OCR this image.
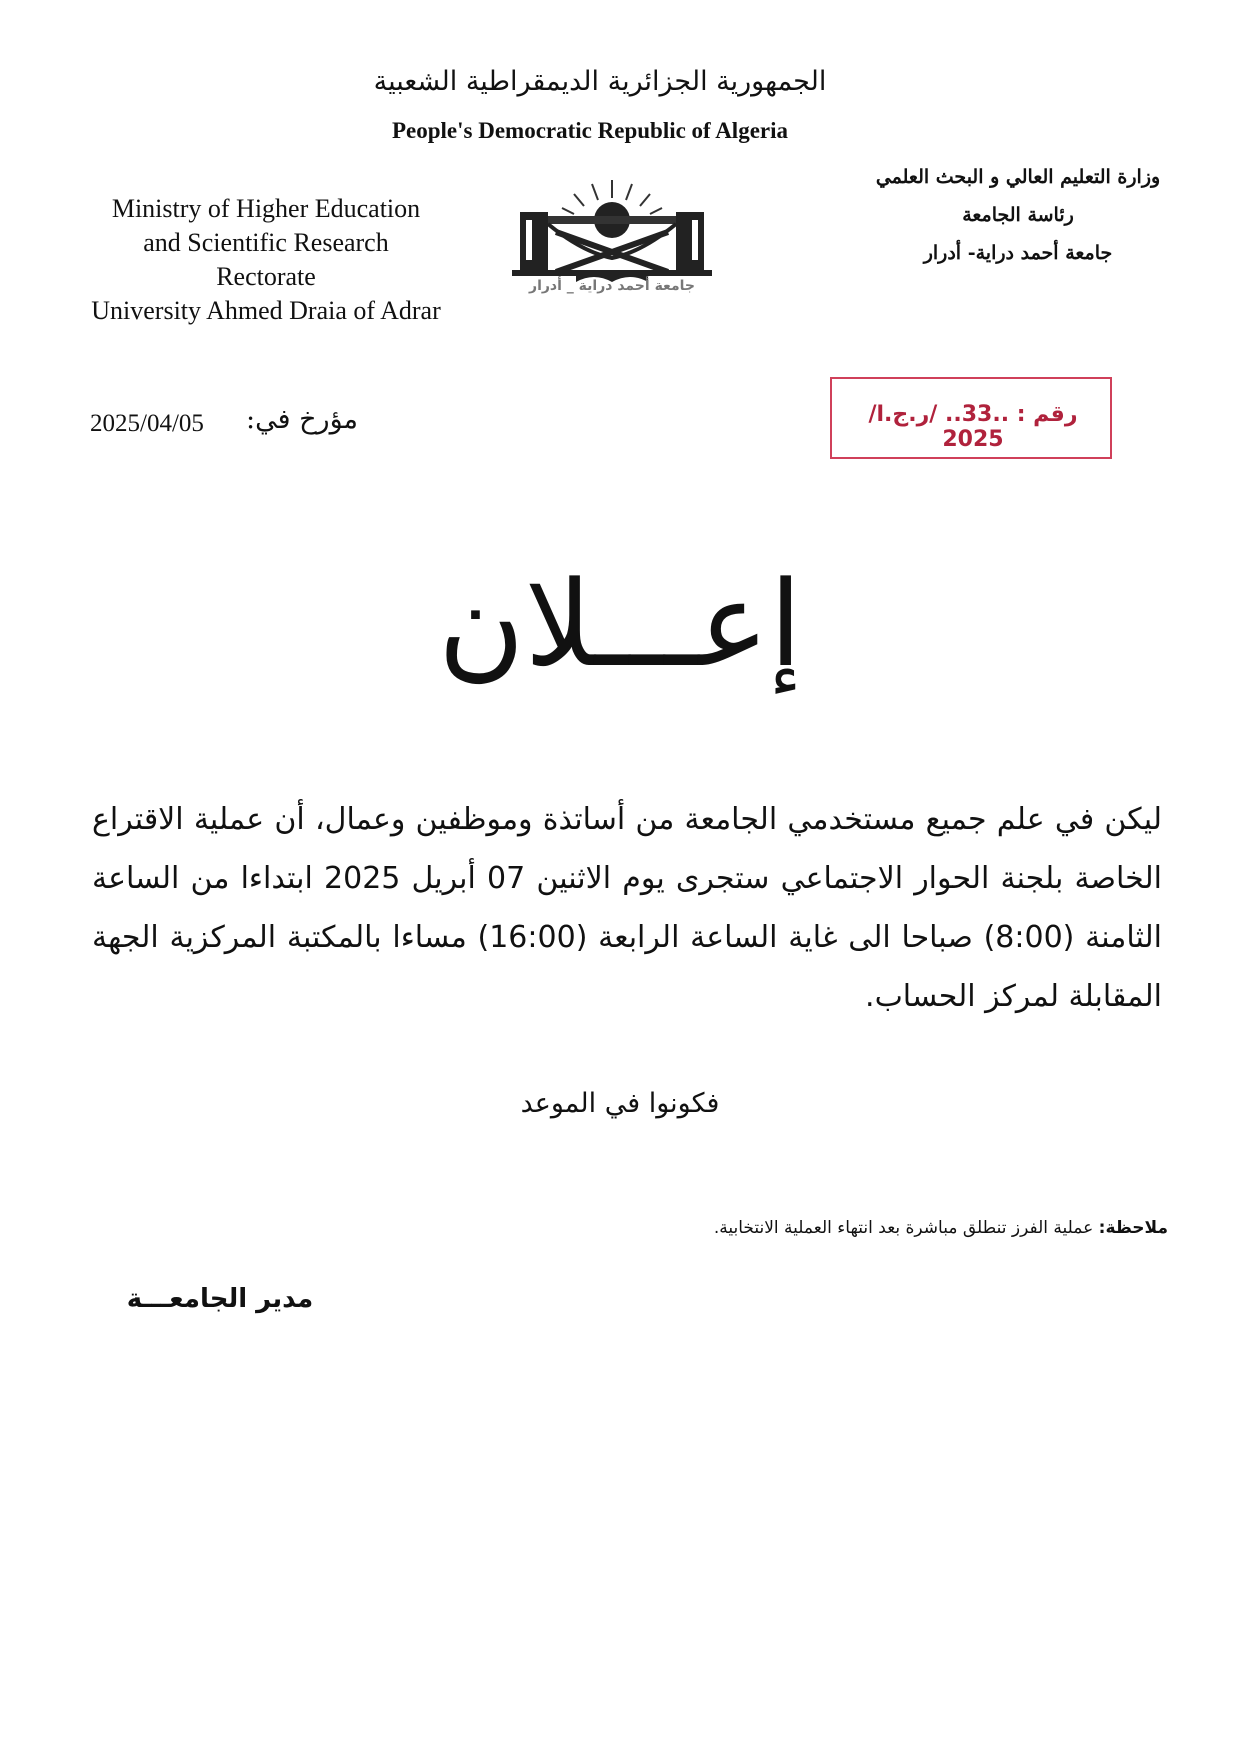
الجمهورية الجزائرية الديمقراطية الشعبية
People's Democratic Republic of Algeria
Ministry of Higher Education
and Scientific Research
Rectorate
University Ahmed Draia of Adrar
وزارة التعليم العالي و البحث العلمي
رئاسة الجامعة
جامعة أحمد دراية- أدرار
جامعة أحمد دراية _ أدرار
رقم : ..33.. /ر.ج.ا/ 2025
2025/04/05	مؤرخ في:
إعـــلان
ليكن في علم جميع مستخدمي الجامعة من أساتذة وموظفين وعمال، أن عملية الاقتراع الخاصة بلجنة الحوار الاجتماعي ستجرى يوم الاثنين 07 أبريل 2025 ابتداءا من الساعة الثامنة (8:00) صباحا الى غاية الساعة الرابعة (16:00) مساءا بالمكتبة المركزية الجهة المقابلة لمركز الحساب.
فكونوا في الموعد
ملاحظة: عملية الفرز تنطلق مباشرة بعد انتهاء العملية الانتخابية.
مدير الجامعـــة
